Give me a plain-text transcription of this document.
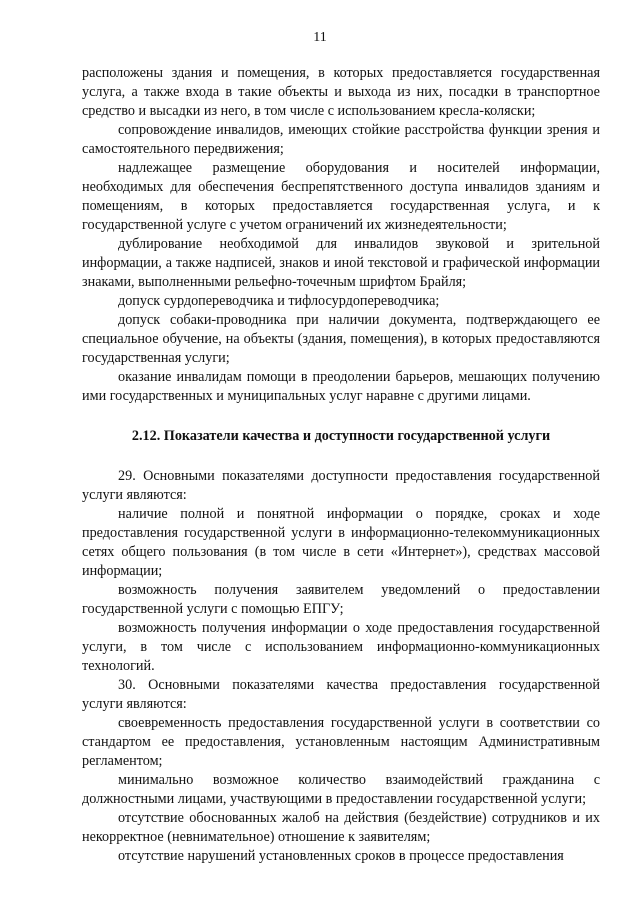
11

расположены здания и помещения, в которых предоставляется государственная услуга, а также входа в такие объекты и выхода из них, посадки в транспортное средство и высадки из него, в том числе с использованием кресла-коляски;

сопровождение инвалидов, имеющих стойкие расстройства функции зрения и самостоятельного передвижения;

надлежащее размещение оборудования и носителей информации, необходимых для обеспечения беспрепятственного доступа инвалидов зданиям и помещениям, в которых предоставляется государственная услуга, и к государственной услуге с учетом ограничений их жизнедеятельности;

дублирование необходимой для инвалидов звуковой и зрительной информации, а также надписей, знаков и иной текстовой и графической информации знаками, выполненными рельефно-точечным шрифтом Брайля;

допуск сурдопереводчика и тифлосурдопереводчика;

допуск собаки-проводника при наличии документа, подтверждающего ее специальное обучение, на объекты (здания, помещения), в которых предоставляются государственная услуги;

оказание инвалидам помощи в преодолении барьеров, мешающих получению ими государственных и муниципальных услуг наравне с другими лицами.

2.12. Показатели качества и доступности государственной услуги

29. Основными показателями доступности предоставления государственной услуги являются:

наличие полной и понятной информации о порядке, сроках и ходе предоставления государственной услуги в информационно-телекоммуникационных сетях общего пользования (в том числе в сети «Интернет»), средствах массовой информации;

возможность получения заявителем уведомлений о предоставлении государственной услуги с помощью ЕПГУ;

возможность получения информации о ходе предоставления государственной услуги, в том числе с использованием информационно-коммуникационных технологий.

30. Основными показателями качества предоставления государственной услуги являются:

своевременность предоставления государственной услуги в соответствии со стандартом ее предоставления, установленным настоящим Административным регламентом;

минимально возможное количество взаимодействий гражданина с должностными лицами, участвующими в предоставлении государственной услуги;

отсутствие обоснованных жалоб на действия (бездействие) сотрудников и их некорректное (невнимательное) отношение к заявителям;

отсутствие нарушений установленных сроков в процессе предоставления
